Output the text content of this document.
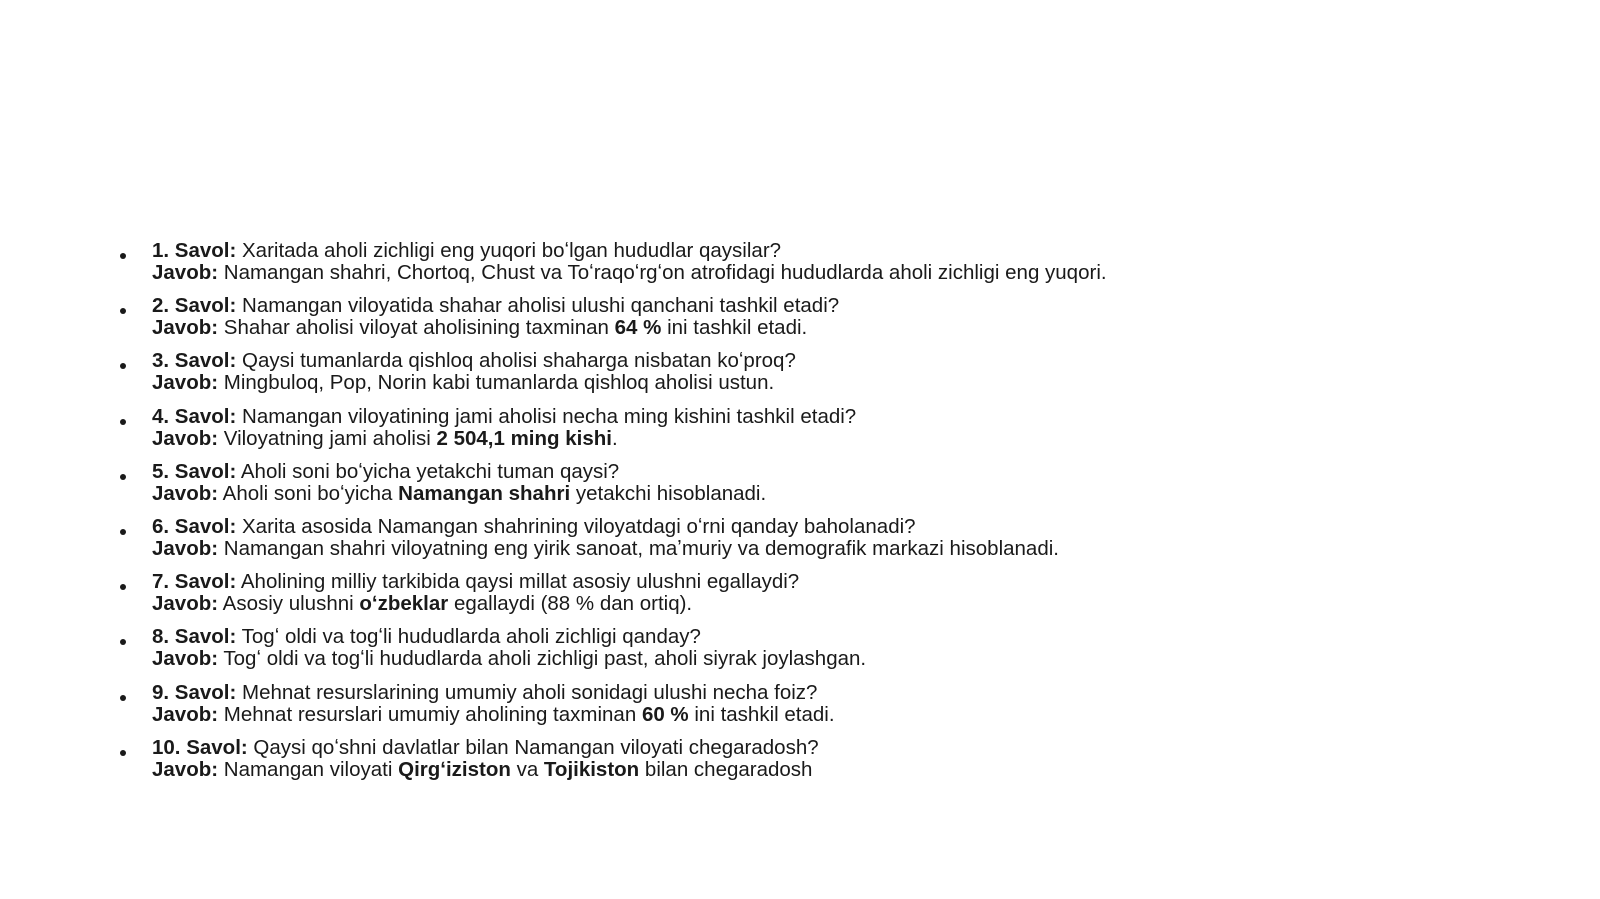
1. Savol: Xaritada aholi zichligi eng yuqori boʻlgan hududlar qaysilar?
Javob: Namangan shahri, Chortoq, Chust va Toʻraqoʻrgʻon atrofidagi hududlarda aholi zichligi eng yuqori.
2. Savol: Namangan viloyatida shahar aholisi ulushi qanchani tashkil etadi?
Javob: Shahar aholisi viloyat aholisining taxminan 64 % ini tashkil etadi.
3. Savol: Qaysi tumanlarda qishloq aholisi shaharga nisbatan koʻproq?
Javob: Mingbuloq, Pop, Norin kabi tumanlarda qishloq aholisi ustun.
4. Savol: Namangan viloyatining jami aholisi necha ming kishini tashkil etadi?
Javob: Viloyatning jami aholisi 2 504,1 ming kishi.
5. Savol: Aholi soni boʻyicha yetakchi tuman qaysi?
Javob: Aholi soni boʻyicha Namangan shahri yetakchi hisoblanadi.
6. Savol: Xarita asosida Namangan shahrining viloyatdagi oʻrni qanday baholanadi?
Javob: Namangan shahri viloyatning eng yirik sanoat, maʼmuriy va demografik markazi hisoblanadi.
7. Savol: Aholining milliy tarkibida qaysi millat asosiy ulushni egallaydi?
Javob: Asosiy ulushni oʻzbeklar egallaydi (88 % dan ortiq).
8. Savol: Togʻ oldi va togʻli hududlarda aholi zichligi qanday?
Javob: Togʻ oldi va togʻli hududlarda aholi zichligi past, aholi siyrak joylashgan.
9. Savol: Mehnat resurslarining umumiy aholi sonidagi ulushi necha foiz?
Javob: Mehnat resurslari umumiy aholining taxminan 60 % ini tashkil etadi.
10. Savol: Qaysi qoʻshni davlatlar bilan Namangan viloyati chegaradosh?
Javob: Namangan viloyati Qirgʻiziston va Tojikiston bilan chegaradosh
